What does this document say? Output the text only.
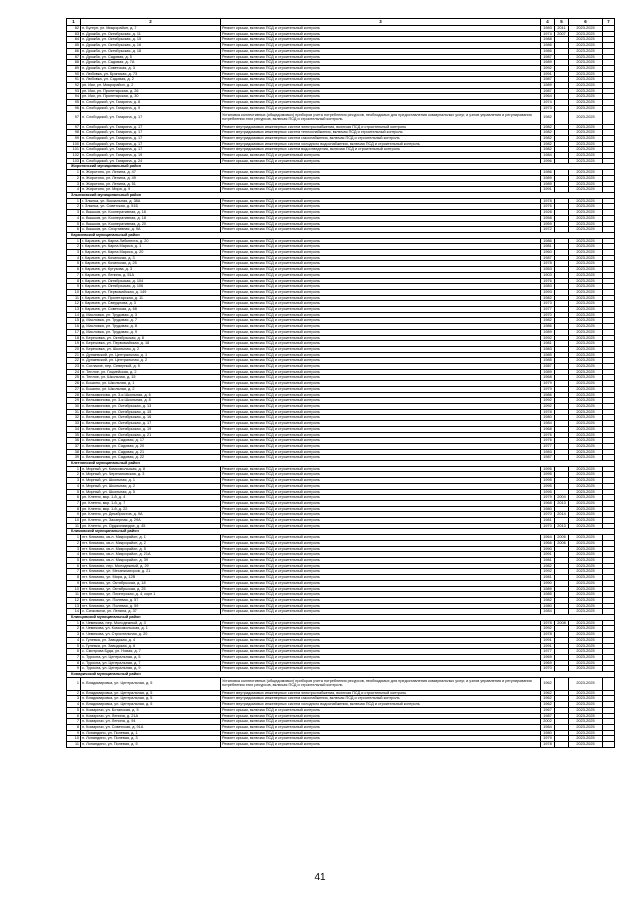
1	2	3	4	5	6	7
82	п. Булгун, ул. Микрорайон, д. 7	Ремонт крыши, включая ПСД и строительный контроль	1983	2011	2023-2025	
83	п. Дрожба, ул. Октябрьская, д. 11	Ремонт крыши, включая ПСД и строительный контроль	1974	2007	2023-2025	
84	п. Дрожба, ул. Октябрьская, д. 15	Ремонт крыши, включая ПСД и строительный контроль	1988		2023-2025	
85	п. Дрожба, ул. Октябрьская, д. 16	Ремонт крыши, включая ПСД и строительный контроль	1986		2023-2025	
86	п. Дрожба, ул. Октябрьская, д. 18	Ремонт крыши, включая ПСД и строительный контроль	1986		2023-2025	
87	п. Дрожба, ул. Садовая, д. 5	Ремонт крыши, включая ПСД и строительный контроль	1987		2023-2025	
88	п. Дрожба, ул. Садовая, д. 7А	Ремонт крыши, включая ПСД и строительный контроль	1989		2023-2025	
89	п. Дрожба, ул. Советская, д. 3	Ремонт крыши, включая ПСД и строительный контроль	1992		2023-2025	
90	п. Любовка, ул. Брянская, д. 73	Ремонт крыши, включая ПСД и строительный контроль	1991		2023-2025	
91	п. Любовка, ул. Садовая, д. 2	Ремонт крыши, включая ПСД и строительный контроль	1987		2023-2025	
92	рп. Ики, ул. Микрорайон, д. 2	Ремонт крыши, включая ПСД и строительный контроль	1989		2023-2025	
93	рп. Ики, ул. Пролетарская, д. 26	Ремонт крыши, включая ПСД и строительный контроль	1987		2023-2025	
94	рп. Ики, ул. Пролетарская, д. 30	Ремонт крыши, включая ПСД и строительный контроль	1964		2023-2025	
95	п. Слободской, ул. Гагарина, д. 8	Ремонт крыши, включая ПСД и строительный контроль	1974		2023-2025	
96	п. Слободской, ул. Гагарина, д. 9	Ремонт крыши, включая ПСД и строительный контроль	1973		2023-2025	
97	п. Слободской, ул. Гагарина, д. 17	Установка коллективных (общедомовых) приборов учета потребления ресурсов, необходимых для предоставления коммунальных услуг, и узлов управления и регулирования потребления этих ресурсов, включая ПСД и строительный контроль	1982		2023-2025	
97	п. Слободской, ул. Гагарина, д. 17	Ремонт внутридомовых инженерных систем электроснабжения, включая ПСД и строительный контроль	1982		2023-2025	
98	п. Слободской, ул. Гагарина, д. 17	Ремонт внутридомовых инженерных систем теплоснабжения, включая ПСД и строительный контроль	1982		2023-2025	
99	п. Слободской, ул. Гагарина, д. 17	Ремонт внутридомовых инженерных систем газоснабжения, включая ПСД и строительный контроль	1982		2023-2025	
100	п. Слободской, ул. Гагарина, д. 17	Ремонт внутридомовых инженерных систем холодного водоснабжения, включая ПСД и строительный контроль	1982		2023-2025	
101	п. Слободской, ул. Гагарина, д. 17	Ремонт внутридомовых инженерных систем водоотведения, включая ПСД и строительный контроль	1982		2023-2025	
102	п. Слободской, ул. Гагарина, д. 19	Ремонт крыши, включая ПСД и строительный контроль	1984		2023-2025	
103	п. Слободской, ул. Гагарина, д. 24	Ремонт крыши, включая ПСД и строительный контроль	1996		2023-2025	
Жиротянский муниципальный район						
1	п. Жиротяно, ул. Ленина, д. 47	Ремонт крыши, включая ПСД и строительный контроль	1986		2023-2025	
2	п. Жиротяно, ул. Ленина, д. 49	Ремонт крыши, включая ПСД и строительный контроль	1989		2023-2025	
3	п. Жиротяно, ул. Ленина, д. 51	Ремонт крыши, включая ПСД и строительный контроль	1989		2023-2025	
4	п. Жиротяно, ул. Мира, д. 9	Ремонт крыши, включая ПСД и строительный контроль	1991		2023-2025	
Злынковский муниципальный район						
1	г. Злынка, ул. Вокзальная, д. 38А	Ремонт крыши, включая ПСД и строительный контроль	1978		2023-2025	
2	г. Злынка, ул. Советская, д. 51Б	Ремонт крыши, включая ПСД и строительный контроль	1976		2023-2025	
3	с. Вышков, ул. Кооперативная, д. 16	Ремонт крыши, включая ПСД и строительный контроль	1928		2023-2025	
4	с. Вышков, ул. Кооперативная, д. 18	Ремонт крыши, включая ПСД и строительный контроль	1958		2023-2025	
5	с. Вышков, ул. Кооперативная, д. 20	Ремонт крыши, включая ПСД и строительный контроль	1959		2023-2025	
6	с. Вышков, ул. Спортивная, д. 9А	Ремонт крыши, включая ПСД и строительный контроль	1972		2023-2025	
Карачевский муниципальный район						
1	г. Карачев, ул. Карла Либкнехта, д. 20	Ремонт крыши, включая ПСД и строительный контроль	1986		2023-2025	
2	г. Карачев, ул. Карла Маркса, д. 1	Ремонт крыши, включая ПСД и строительный контроль	1981		2023-2025	
3	г. Карачев, ул. Карла Маркса, д. 20	Ремонт крыши, включая ПСД и строительный контроль	1960		2023-2025	
4	г. Карачев, ул. Кочинская, д. 3	Ремонт крыши, включая ПСД и строительный контроль	1987		2023-2025	
5	г. Карачев, ул. Кочинская, д. 25	Ремонт крыши, включая ПСД и строительный контроль	1978		2023-2025	
6	г. Карачев, ул. Кутузова, д. 3	Ремонт крыши, включая ПСД и строительный контроль	1953		2023-2025	
7	г. Карачев, ул. Ленина, д. 51А	Ремонт крыши, включая ПСД и строительный контроль	1903		2023-2025	
8	г. Карачев, ул. Октябрьская, д. 104	Ремонт крыши, включая ПСД и строительный контроль	1976		2023-2025	
9	г. Карачев, ул. Октябрьская, д. 106	Ремонт крыши, включая ПСД и строительный контроль	1983		2023-2025	
10	г. Карачев, ул. Первомайская, д. 149	Ремонт крыши, включая ПСД и строительный контроль	1993		2023-2025	
11	г. Карачев, ул. Пролетарская, д. 11	Ремонт крыши, включая ПСД и строительный контроль	1982		2023-2025	
12	г. Карачев, ул. Свердлова, д. 3	Ремонт крыши, включая ПСД и строительный контроль	1973		2023-2025	
13	г. Карачев, ул. Советская, д. 68	Ремонт крыши, включая ПСД и строительный контроль	1977		2023-2025	
14	д. Масловка, ул. Трудовая, д. 3	Ремонт крыши, включая ПСД и строительный контроль	1970		2023-2025	
15	д. Масловка, ул. Трудовая, д. 7	Ремонт крыши, включая ПСД и строительный контроль	1982		2023-2025	
16	д. Масловка, ул. Трудовая, д. 8	Ремонт крыши, включая ПСД и строительный контроль	1986		2023-2025	
17	д. Масловка, ул. Трудовая, д. 9	Ремонт крыши, включая ПСД и строительный контроль	1989		2023-2025	
18	п. Березовка, ул. Октябрьская, д. 8	Ремонт крыши, включая ПСД и строительный контроль	1992		2023-2025	
19	п. Березовка, ул. Первомайская, д. 18	Ремонт крыши, включая ПСД и строительный контроль	1981		2023-2025	
20	п. Березовка, ул. Школьная, д. 2	Ремонт крыши, включая ПСД и строительный контроль	1983		2023-2025	
21	п. Дунаевский, ул. Центральная, д. 1	Ремонт крыши, включая ПСД и строительный контроль	1985		2023-2025	
22	п. Дунаевский, ул. Центральная, д. 2	Ремонт крыши, включая ПСД и строительный контроль	1985		2023-2025	
23	п. Согласие, пер. Северный, д. 9	Ремонт крыши, включая ПСД и строительный контроль	1987		2023-2025	
24	п. Теплое, ул. Гоцмейская, д. 2	Ремонт крыши, включая ПСД и строительный контроль	1989		2023-2025	
25	п. Теплое, ул. Школьная, д. 15	Ремонт крыши, включая ПСД и строительный контроль	1968		2023-2025	
26	с. Бошино, ул. Школьная, д. 1	Ремонт крыши, включая ПСД и строительный контроль	1979		2023-2025	
27	с. Бошино, ул. Школьная, д. 2	Ремонт крыши, включая ПСД и строительный контроль	1979		2023-2025	
28	с. Вельяминова, ул. 3-я Школьная, д. 6	Ремонт крыши, включая ПСД и строительный контроль	1986		2023-2025	
29	с. Вельяминова, ул. 3-я Школьная, д. 8	Ремонт крыши, включая ПСД и строительный контроль	1992		2023-2025	
30	с. Вельяминова, ул. Октябрьская, д. 13	Ремонт крыши, включая ПСД и строительный контроль	1992		2023-2025	
31	с. Вельяминова, ул. Октябрьская, д. 15	Ремонт крыши, включая ПСД и строительный контроль	1978		2023-2025	
32	с. Вельяминова, ул. Октябрьская, д. 16	Ремонт крыши, включая ПСД и строительный контроль	1980		2023-2025	
33	с. Вельяминова, ул. Октябрьская, д. 17	Ремонт крыши, включая ПСД и строительный контроль	1984		2023-2025	
34	с. Вельяминова, ул. Октябрьская, д. 19	Ремонт крыши, включая ПСД и строительный контроль	1968		2023-2025	
35	с. Вельяминова, ул. Октябрьская, д. 21	Ремонт крыши, включая ПСД и строительный контроль	1976		2023-2025	
36	с. Вельяминова, ул. Садовая, д. 17	Ремонт крыши, включая ПСД и строительный контроль	1976		2023-2025	
37	с. Вельяминова, ул. Садовая, д. 20	Ремонт крыши, включая ПСД и строительный контроль	1977		2023-2025	
38	с. Вельяминова, ул. Садовая, д. 21	Ремонт крыши, включая ПСД и строительный контроль	1983		2023-2025	
39	с. Вельяминова, ул. Садовая, д. 22	Ремонт крыши, включая ПСД и строительный контроль	1987		2023-2025	
Клетнянский муниципальный район						
1	п. Мирный, ул. Комсомольская, д. 8	Ремонт крыши, включая ПСД и строительный контроль	1995		2023-2025	
2	п. Мирный, ул. Черепановская, д. 3	Ремонт крыши, включая ПСД и строительный контроль	1995		2023-2025	
3	п. Мирный, ул. Школьная, д. 1	Ремонт крыши, включая ПСД и строительный контроль	1995		2023-2025	
4	п. Мирный, ул. Школьная, д. 2	Ремонт крыши, включая ПСД и строительный контроль	1995		2023-2025	
5	п. Мирный, ул. Школьная, д. 5	Ремонт крыши, включая ПСД и строительный контроль	1995		2023-2025	
6	рп. Клетня, мкр. 1-й, д. 4	Ремонт крыши, включая ПСД и строительный контроль	1979	2004	2023-2025	
7	рп. Клетня, мкр. 1-й, д. 7	Ремонт крыши, включая ПСД и строительный контроль	1968	2013	2023-2025	
8	рп. Клетня, мкр. 1-й, д. 22	Ремонт крыши, включая ПСД и строительный контроль	1980		2023-2025	
9	рп. Клетня, ул. Декабристов, д. 9А	Ремонт крыши, включая ПСД и строительный контроль	1970	2014	2023-2025	
10	рп. Клетня, ул. Заозерная, д. 29А	Ремонт крыши, включая ПСД и строительный контроль	1981		2023-2025	
11	рп. Клетня, ул. Орджоникидзе, д. 45	Ремонт крыши, включая ПСД и строительный контроль	1970	2013	2023-2025	
Климовский муниципальный район						
1	пгт. Климово, кв-л. Микрорайон, д. 1	Ремонт крыши, включая ПСД и строительный контроль	1964	2006	2023-2025	
2	пгт. Климово, кв-л. Микрорайон, д. 2	Ремонт крыши, включая ПСД и строительный контроль	1966	2006	2023-2025	
3	пгт. Климово, кв-л. Микрорайон, д. 5	Ремонт крыши, включая ПСД и строительный контроль	1990		2023-2025	
4	пгт. Климово, кв-л. Микрорайон, д. 21А	Ремонт крыши, включая ПСД и строительный контроль	1991		2023-2025	
5	пгт. Климово, кв-л. Микрорайон, д. 39	Ремонт крыши, включая ПСД и строительный контроль	1981		2023-2025	
6	пгт. Климово, пер. Молодежный, д. 29	Ремонт крыши, включая ПСД и строительный контроль	1982		2023-2025	
7	пгт. Климово, ул. Механизаторов, д. 21	Ремонт крыши, включая ПСД и строительный контроль	1992		2023-2025	
8	пгт. Климово, ул. Мира, д. 12В	Ремонт крыши, включая ПСД и строительный контроль	1981		2023-2025	
9	пгт. Климово, ул. Октябрьская, д. 18	Ремонт крыши, включая ПСД и строительный контроль	1990		2023-2025	
10	пгт. Климово, ул. Октябрьская, д. 25	Ремонт крыши, включая ПСД и строительный контроль	1989		2023-2025	
11	пгт. Климово, ул. Пионерская, д. 4, корп 1	Ремонт крыши, включая ПСД и строительный контроль	1985		2023-2025	
12	пгт. Климово, ул. Полевая, д. 57	Ремонт крыши, включая ПСД и строительный контроль	1982		2023-2025	
13	пгт. Климово, ул. Полевая, д. 59	Ремонт крыши, включая ПСД и строительный контроль	1980		2023-2025	
14	с. Сачковичи, ул. Ленина, д. 37	Ремонт крыши, включая ПСД и строительный контроль	1984		2023-2025	
Клинцовский муниципальный район						
1	п. Чемекова, пер. Молодежный, д. 3	Ремонт крыши, включая ПСД и строительный контроль	1978	2008	2023-2025	
2	п. Чемекова, ул. Комсомольская, д. 1	Ремонт крыши, включая ПСД и строительный контроль	1992		2023-2025	
3	п. Чемекова, ул. Строительная, д. 20	Ремонт крыши, включая ПСД и строительный контроль	1978		2023-2025	
4	с. Гулевка, ул. Заводская, д. 4	Ремонт крыши, включая ПСД и строительный контроль	1991		2023-2025	
5	с. Гулевка, ул. Заводская, д. 6	Ремонт крыши, включая ПСД и строительный контроль	1991		2023-2025	
6	с. Смотрова Буда, ул. Новая, д. 7	Ремонт крыши, включая ПСД и строительный контроль	1977		2023-2025	
7	с. Туросна, ул. Центральная, д. 5	Ремонт крыши, включая ПСД и строительный контроль	1969		2023-2025	
8	с. Туросна, ул. Центральная, д. 7	Ремонт крыши, включая ПСД и строительный контроль	1969		2023-2025	
9	с. Туросна, ул. Центральная, д. 9	Ремонт крыши, включая ПСД и строительный контроль	1970		2023-2025	
Комаричский муниципальный район						
1	п. Владимировка, ул. Центральная, д. 5	Установка коллективных (общедомовых) приборов учета потребления ресурсов, необходимых для предоставления коммунальных услуг, и узлов управления и регулирования потребления этих ресурсов, включая ПСД и строительный контроль	1962		2023-2025	
2	п. Владимировка, ул. Центральная, д. 5	Ремонт внутридомовых инженерных систем электроснабжения, включая ПСД и строительный контроль	1962		2023-2025	
3	п. Владимировка, ул. Центральная, д. 5	Ремонт внутридомовых инженерных систем газоснабжения, включая ПСД и строительный контроль	1962		2023-2025	
4	п. Владимировка, ул. Центральная, д. 5	Ремонт внутридомовых инженерных систем холодного водоснабжения, включая ПСД и строительный контроль	1962		2023-2025	
5	п. Комаричи, ул. Ботанская, д. 5	Ремонт крыши, включая ПСД и строительный контроль	1967		2023-2025	
6	п. Комаричи, ул. Ленина, д. 21А	Ремонт крыши, включая ПСД и строительный контроль	1987		2023-2025	
7	п. Комаричи, ул. Ленина, д. 94	Ремонт крыши, включая ПСД и строительный контроль	2002		2023-2025	
8	п. Комаричи, ул. Советская, д. 91А	Ремонт крыши, включая ПСД и строительный контроль	1984		2023-2025	
9	п. Лопандино, ул. Полевая, д. 1	Ремонт крыши, включая ПСД и строительный контроль	1980		2023-2025	
10	п. Лопандино, ул. Полевая, д. 3	Ремонт крыши, включая ПСД и строительный контроль	1979		2023-2025	
11	п. Лопандино, ул. Полевая, д. 5	Ремонт крыши, включая ПСД и строительный контроль	1978		2023-2025	
41
